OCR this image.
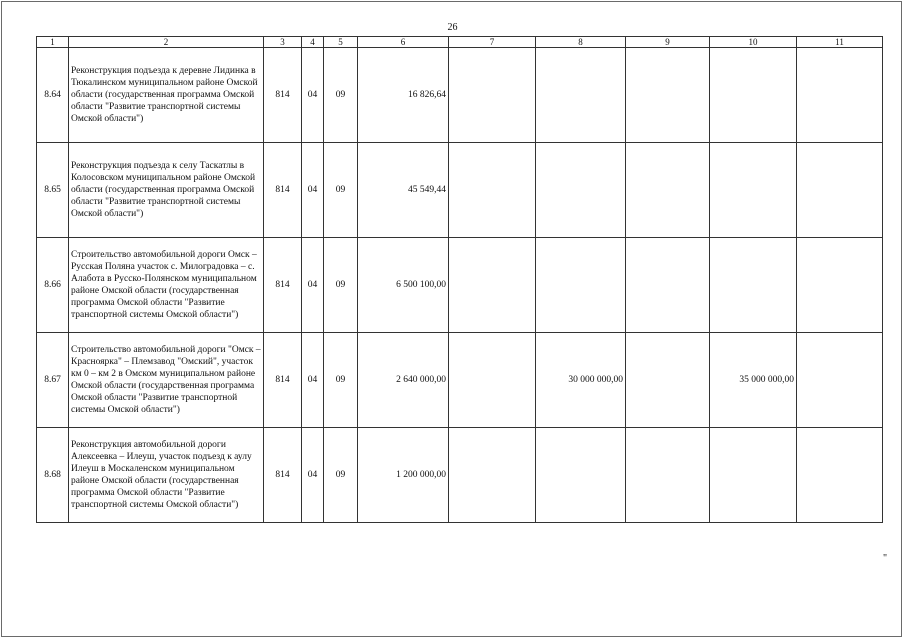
26
1	2	3	4	5	6	7	8	9	10	11
8.64	Реконструкция подъезда к деревне Лидинка в Тюкалинском муниципальном районе Омской области (государственная программа Омской области "Развитие транспортной системы Омской области")	814	04	09	16 826,64					
8.65	Реконструкция подъезда к селу Таскатлы в Колосовском муниципальном районе Омской области (государственная программа Омской области "Развитие транспортной системы Омской области")	814	04	09	45 549,44					
8.66	Строительство автомобильной дороги Омск – Русская Поляна участок с. Милоградовка – с. Алабота в Русско-Полянском муниципальном районе Омской области (государственная программа Омской области "Развитие транспортной системы Омской области")	814	04	09	6 500 100,00					
8.67	Строительство автомобильной дороги "Омск – Красноярка" – Племзавод "Омский", участок км 0 – км 2 в Омском муниципальном районе Омской области (государственная программа Омской области "Развитие транспортной системы Омской области")	814	04	09	2 640 000,00		30 000 000,00		35 000 000,00	
8.68	Реконструкция автомобильной дороги Алексеевка – Илеуш, участок подъезд к аулу Илеуш в Москаленском муниципальном районе Омской области (государственная программа Омской области "Развитие транспортной системы Омской области")	814	04	09	1 200 000,00					
"
